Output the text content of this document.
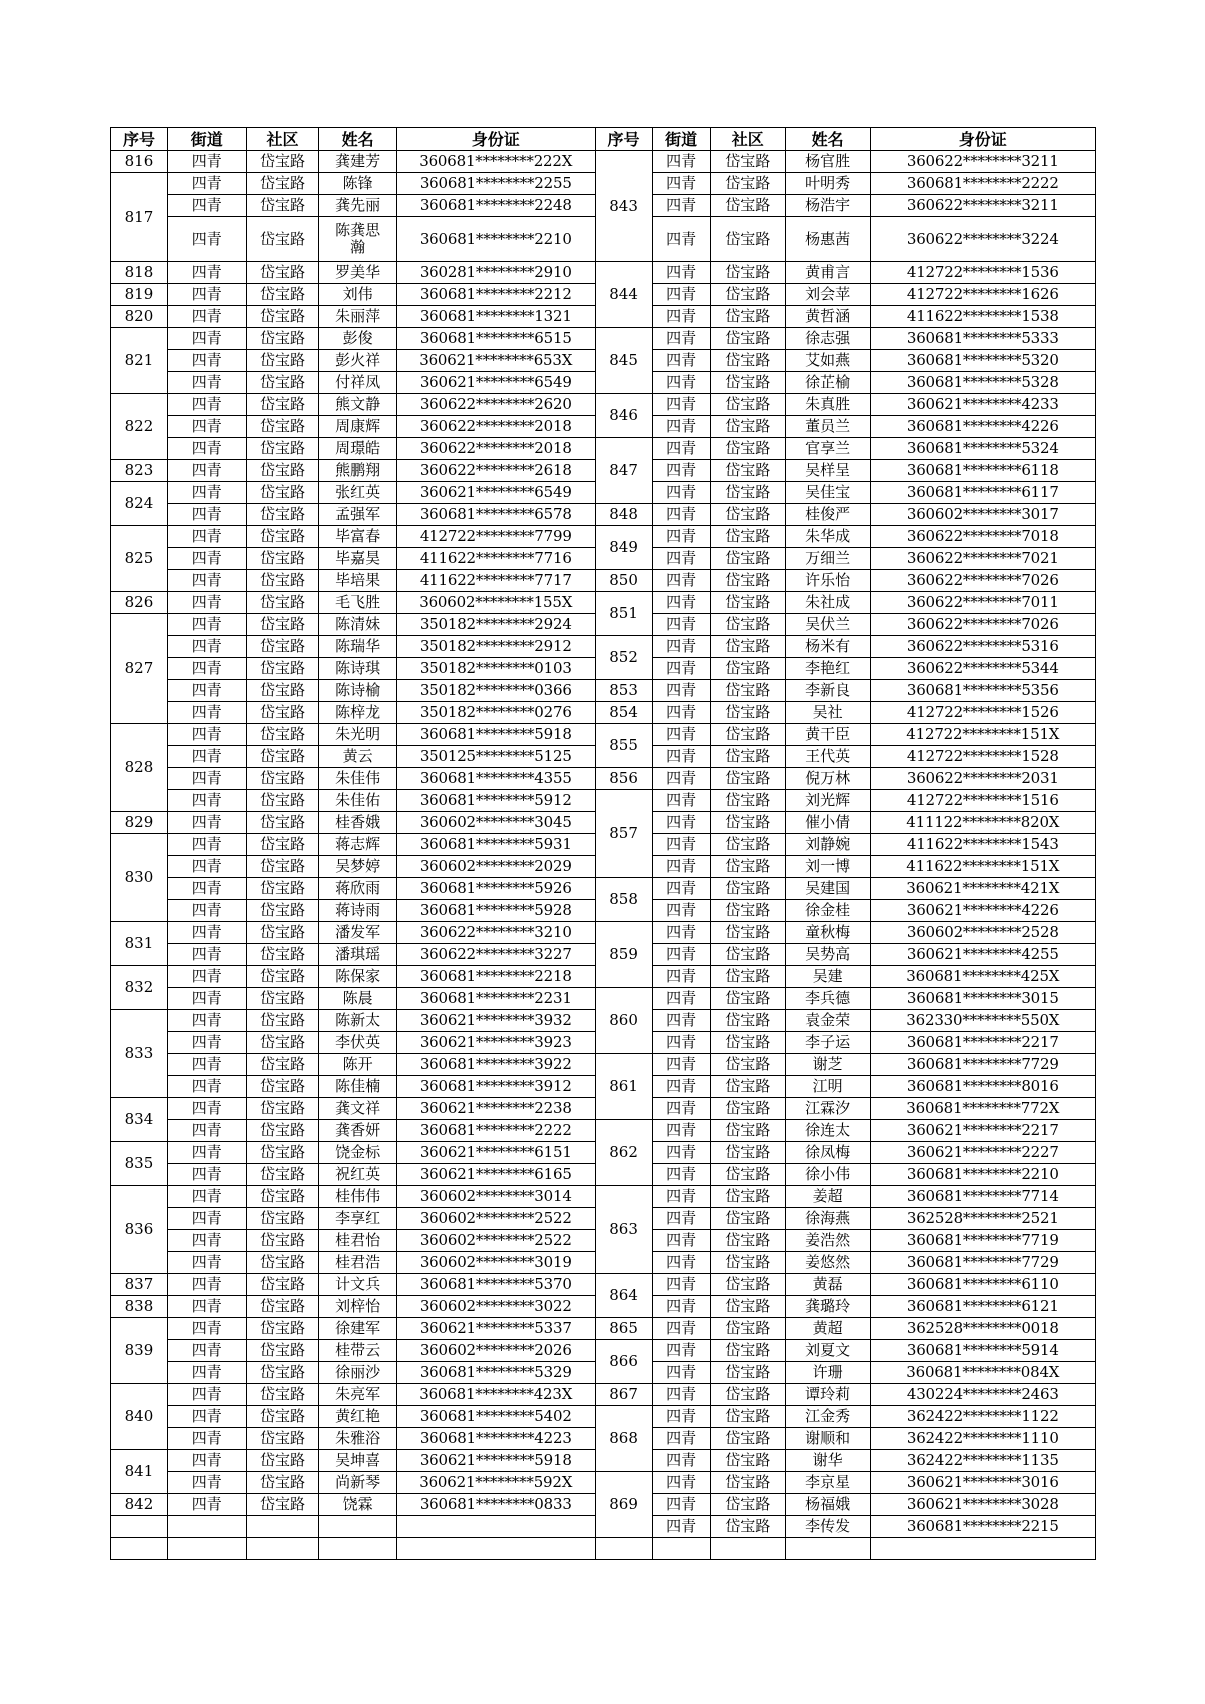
序号	街道	社区	姓名	身份证	序号	街道	社区	姓名	身份证
816	四青	岱宝路	龚建芳	360681********222X	843	四青	岱宝路	杨官胜	360622********3211
817	四青	岱宝路	陈锋	360681********2255		四青	岱宝路	叶明秀	360681********2222
	四青	岱宝路	龚先丽	360681********2248		四青	岱宝路	杨浩宇	360622********3211
	四青	岱宝路	陈龚思瀚	360681********2210		四青	岱宝路	杨惠茜	360622********3224
818	四青	岱宝路	罗美华	360281********2910	844	四青	岱宝路	黄甫言	412722********1536
819	四青	岱宝路	刘伟	360681********2212		四青	岱宝路	刘会苹	412722********1626
820	四青	岱宝路	朱丽萍	360681********1321		四青	岱宝路	黄哲涵	411622********1538
821	四青	岱宝路	彭俊	360681********6515	845	四青	岱宝路	徐志强	360681********5333
	四青	岱宝路	彭火祥	360621********653X		四青	岱宝路	艾如燕	360681********5320
	四青	岱宝路	付祥凤	360621********6549		四青	岱宝路	徐芷榆	360681********5328
822	四青	岱宝路	熊文静	360622********2620	846	四青	岱宝路	朱真胜	360621********4233
	四青	岱宝路	周康辉	360622********2018		四青	岱宝路	董员兰	360681********4226
	四青	岱宝路	周璟皓	360622********2018	847	四青	岱宝路	官享兰	360681********5324
823	四青	岱宝路	熊鹏翔	360622********2618		四青	岱宝路	吴样呈	360681********6118
824	四青	岱宝路	张红英	360621********6549		四青	岱宝路	吴佳宝	360681********6117
	四青	岱宝路	孟强军	360681********6578	848	四青	岱宝路	桂俊严	360602********3017
825	四青	岱宝路	毕富春	412722********7799	849	四青	岱宝路	朱华成	360622********7018
	四青	岱宝路	毕嘉昊	411622********7716		四青	岱宝路	万细兰	360622********7021
	四青	岱宝路	毕培果	411622********7717	850	四青	岱宝路	许乐怡	360622********7026
826	四青	岱宝路	毛飞胜	360602********155X	851	四青	岱宝路	朱社成	360622********7011
827	四青	岱宝路	陈清妹	350182********2924		四青	岱宝路	吴伏兰	360622********7026
	四青	岱宝路	陈瑞华	350182********2912	852	四青	岱宝路	杨米有	360622********5316
	四青	岱宝路	陈诗琪	350182********0103		四青	岱宝路	李艳红	360622********5344
	四青	岱宝路	陈诗榆	350182********0366	853	四青	岱宝路	李新良	360681********5356
	四青	岱宝路	陈梓龙	350182********0276	854	四青	岱宝路	吴社	412722********1526
828	四青	岱宝路	朱光明	360681********5918	855	四青	岱宝路	黄干臣	412722********151X
	四青	岱宝路	黄云	350125********5125		四青	岱宝路	王代英	412722********1528
	四青	岱宝路	朱佳伟	360681********4355	856	四青	岱宝路	倪万林	360622********2031
	四青	岱宝路	朱佳佑	360681********5912	857	四青	岱宝路	刘光辉	412722********1516
829	四青	岱宝路	桂香娥	360602********3045		四青	岱宝路	催小倩	411122********820X
830	四青	岱宝路	蒋志辉	360681********5931		四青	岱宝路	刘静婉	411622********1543
	四青	岱宝路	吴梦婷	360602********2029		四青	岱宝路	刘一博	411622********151X
	四青	岱宝路	蒋欣雨	360681********5926	858	四青	岱宝路	吴建国	360621********421X
	四青	岱宝路	蒋诗雨	360681********5928		四青	岱宝路	徐金桂	360621********4226
831	四青	岱宝路	潘发军	360622********3210	859	四青	岱宝路	童秋梅	360602********2528
	四青	岱宝路	潘琪瑶	360622********3227		四青	岱宝路	吴势高	360621********4255
832	四青	岱宝路	陈保家	360681********2218		四青	岱宝路	吴建	360681********425X
	四青	岱宝路	陈晨	360681********2231	860	四青	岱宝路	李兵德	360681********3015
833	四青	岱宝路	陈新太	360621********3932		四青	岱宝路	袁金荣	362330********550X
	四青	岱宝路	李伏英	360621********3923		四青	岱宝路	李子运	360681********2217
	四青	岱宝路	陈开	360681********3922	861	四青	岱宝路	谢芝	360681********7729
	四青	岱宝路	陈佳楠	360681********3912		四青	岱宝路	江明	360681********8016
834	四青	岱宝路	龚文祥	360621********2238		四青	岱宝路	江霖汐	360681********772X
	四青	岱宝路	龚香妍	360681********2222	862	四青	岱宝路	徐连太	360621********2217
835	四青	岱宝路	饶金标	360621********6151		四青	岱宝路	徐凤梅	360621********2227
	四青	岱宝路	祝红英	360621********6165		四青	岱宝路	徐小伟	360681********2210
836	四青	岱宝路	桂伟伟	360602********3014	863	四青	岱宝路	姜超	360681********7714
	四青	岱宝路	李享红	360602********2522		四青	岱宝路	徐海燕	362528********2521
	四青	岱宝路	桂君怡	360602********2522		四青	岱宝路	姜浩然	360681********7719
	四青	岱宝路	桂君浩	360602********3019		四青	岱宝路	姜悠然	360681********7729
837	四青	岱宝路	计文兵	360681********5370	864	四青	岱宝路	黄磊	360681********6110
838	四青	岱宝路	刘梓怡	360602********3022		四青	岱宝路	龚璐玲	360681********6121
839	四青	岱宝路	徐建军	360621********5337	865	四青	岱宝路	黄超	362528********0018
	四青	岱宝路	桂带云	360602********2026	866	四青	岱宝路	刘夏文	360681********5914
	四青	岱宝路	徐丽沙	360681********5329		四青	岱宝路	许珊	360681********084X
840	四青	岱宝路	朱亮军	360681********423X	867	四青	岱宝路	谭玲莉	430224********2463
	四青	岱宝路	黄红艳	360681********5402	868	四青	岱宝路	江金秀	362422********1122
	四青	岱宝路	朱雅浴	360681********4223		四青	岱宝路	谢顺和	362422********1110
841	四青	岱宝路	吴坤喜	360621********5918		四青	岱宝路	谢华	362422********1135
	四青	岱宝路	尚新琴	360621********592X	869	四青	岱宝路	李京星	360621********3016
842	四青	岱宝路	饶霖	360681********0833		四青	岱宝路	杨福娥	360621********3028
						四青	岱宝路	李传发	360681********2215
